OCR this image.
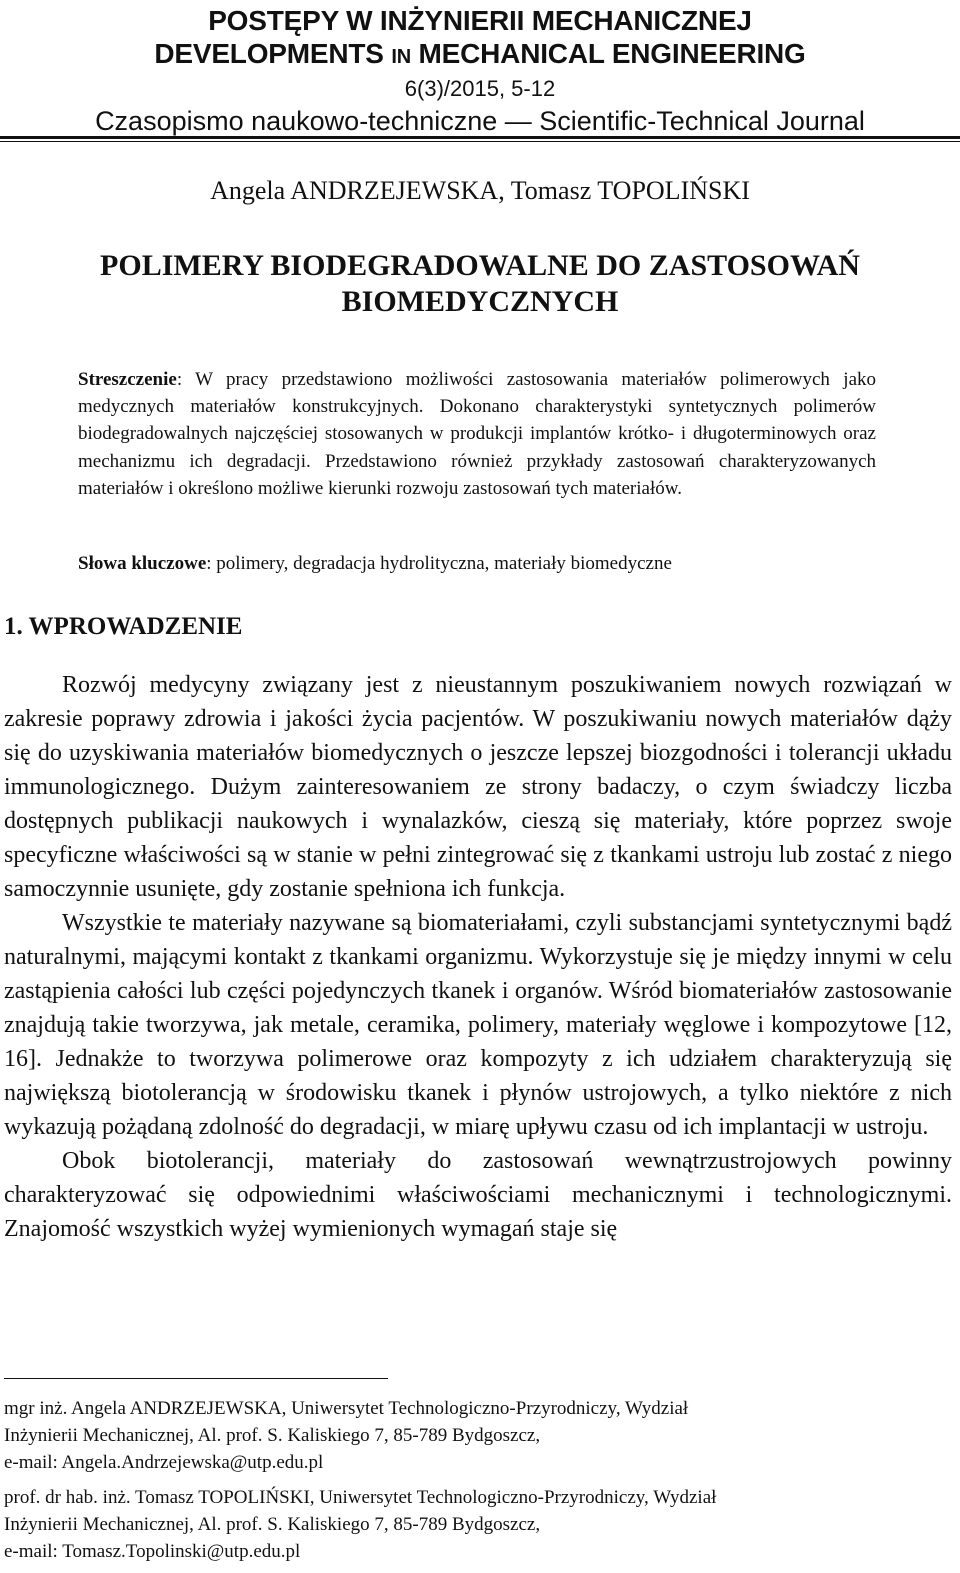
POSTĘPY W INŻYNIERII MECHANICZNEJ
DEVELOPMENTS IN MECHANICAL ENGINEERING
6(3)/2015, 5-12
Czasopismo naukowo-techniczne — Scientific-Technical Journal
Angela ANDRZEJEWSKA, Tomasz TOPOLIŃSKI
POLIMERY BIODEGRADOWALNE DO ZASTOSOWAŃ
BIOMEDYCZNYCH
Streszczenie: W pracy przedstawiono możliwości zastosowania materiałów polimerowych jako medycznych materiałów konstrukcyjnych. Dokonano charakterystyki syntetycznych polimerów biodegradowalnych najczęściej stosowanych w produkcji implantów krótko- i długoterminowych oraz mechanizmu ich degradacji. Przedstawiono również przykłady zastosowań charakteryzowanych materiałów i określono możliwe kierunki rozwoju zastosowań tych materiałów.
Słowa kluczowe: polimery, degradacja hydrolityczna, materiały biomedyczne
1. WPROWADZENIE

Rozwój medycyny związany jest z nieustannym poszukiwaniem nowych rozwiązań w zakresie poprawy zdrowia i jakości życia pacjentów. W poszukiwaniu nowych materiałów dąży się do uzyskiwania materiałów biomedycznych o jeszcze lepszej biozgodności i tolerancji układu immunologicznego. Dużym zainteresowaniem ze strony badaczy, o czym świadczy liczba dostępnych publikacji naukowych i wynalazków, cieszą się materiały, które poprzez swoje specyficzne właściwości są w stanie w pełni zintegrować się z tkankami ustroju lub zostać z niego samoczynnie usunięte, gdy zostanie spełniona ich funkcja.

Wszystkie te materiały nazywane są biomateriałami, czyli substancjami syntetycznymi bądź naturalnymi, mającymi kontakt z tkankami organizmu. Wykorzystuje się je między innymi w celu zastąpienia całości lub części pojedynczych tkanek i organów. Wśród biomateriałów zastosowanie znajdują takie tworzywa, jak metale, ceramika, polimery, materiały węglowe i kompozytowe [12, 16]. Jednakże to tworzywa polimerowe oraz kompozyty z ich udziałem charakteryzują się największą biotolerancją w środowisku tkanek i płynów ustrojowych, a tylko niektóre z nich wykazują pożądaną zdolność do degradacji, w miarę upływu czasu od ich implantacji w ustroju.

Obok biotolerancji, materiały do zastosowań wewnątrzustrojowych powinny charakteryzować się odpowiednimi właściwościami mechanicznymi i technologicznymi. Znajomość wszystkich wyżej wymienionych wymagań staje się

mgr inż. Angela ANDRZEJEWSKA, Uniwersytet Technologiczno-Przyrodniczy, Wydział
Inżynierii Mechanicznej, Al. prof. S. Kaliskiego 7, 85-789 Bydgoszcz,
e-mail: Angela.Andrzejewska@utp.edu.pl

prof. dr hab. inż. Tomasz TOPOLIŃSKI, Uniwersytet Technologiczno-Przyrodniczy, Wydział
Inżynierii Mechanicznej, Al. prof. S. Kaliskiego 7, 85-789 Bydgoszcz,
e-mail: Tomasz.Topolinski@utp.edu.pl
